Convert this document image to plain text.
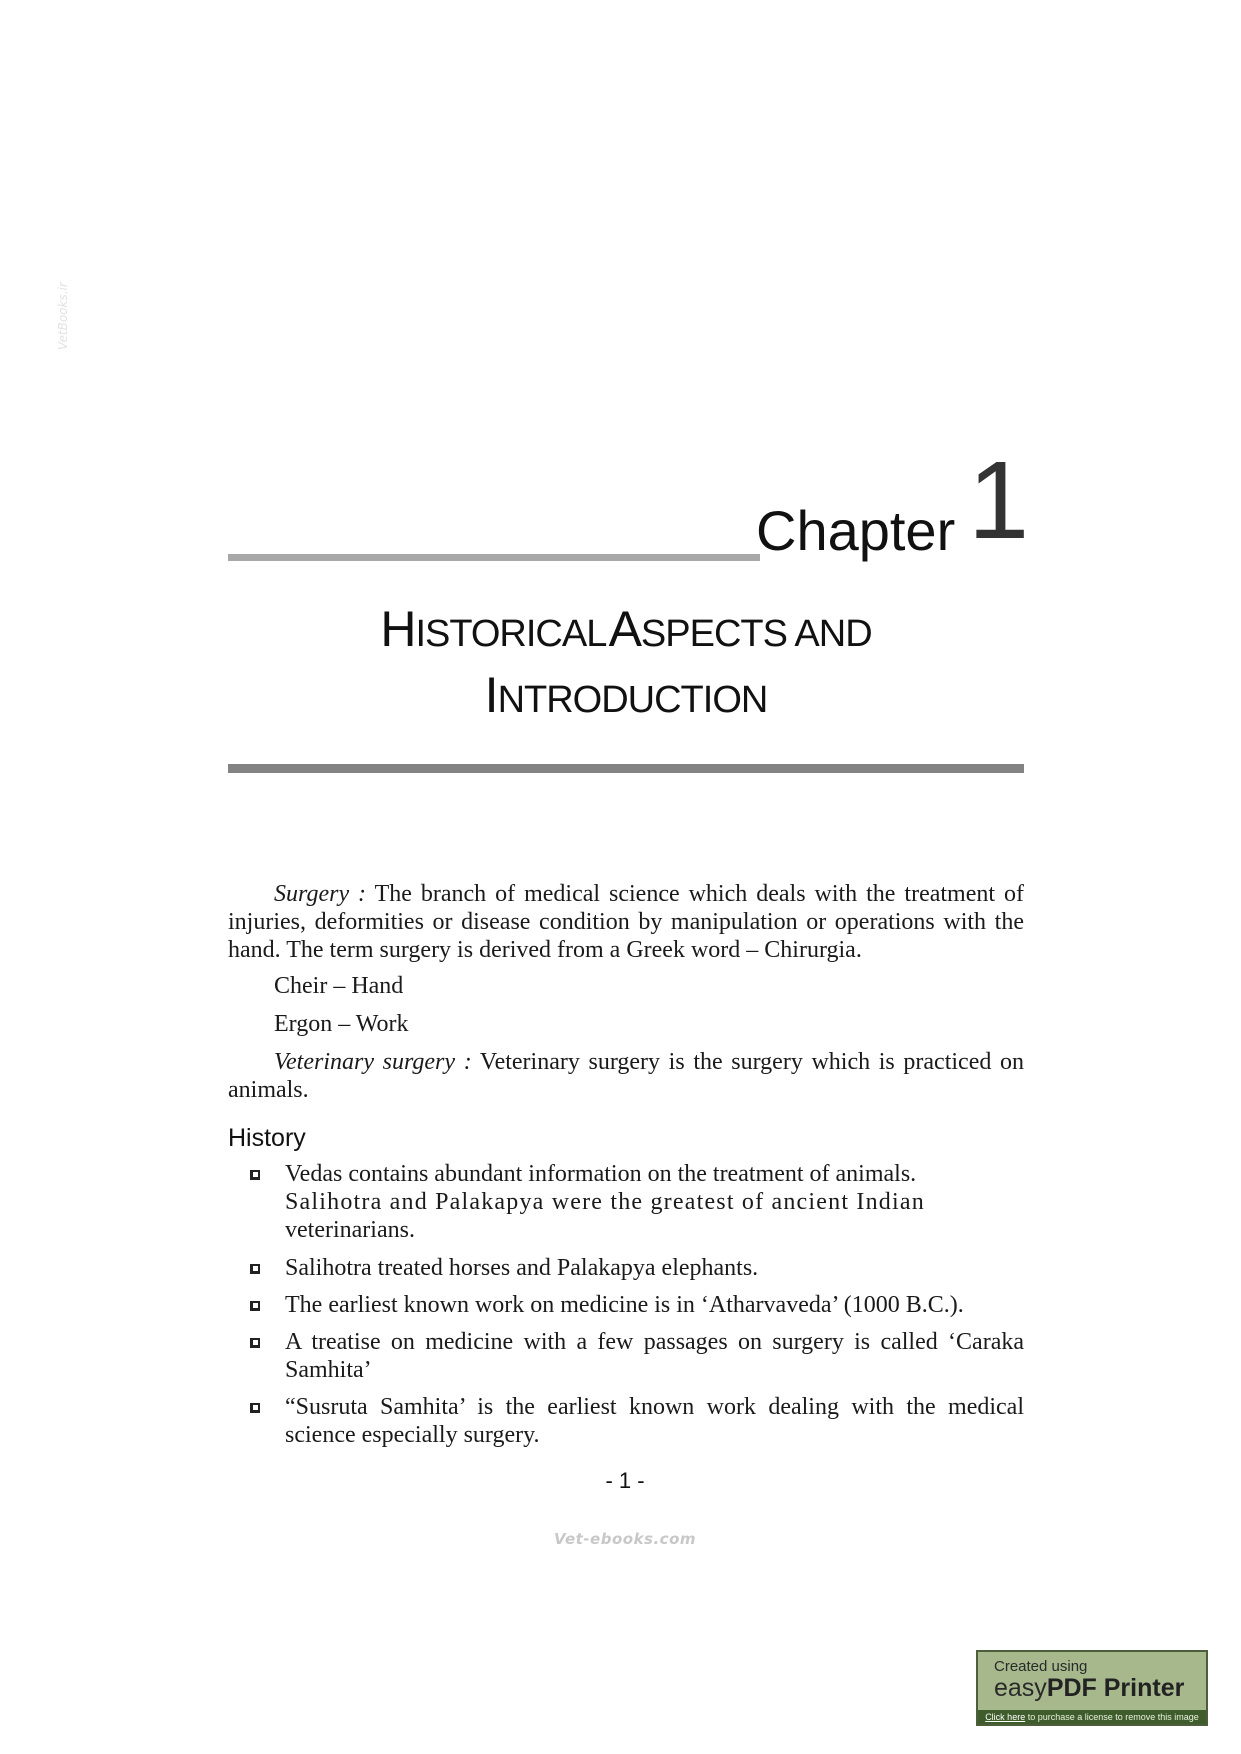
VetBooks.ir
Chapter 1
HISTORICAL ASPECTS AND
INTRODUCTION

Surgery : The branch of medical science which deals with the treatment of injuries, deformities or disease condition by manipulation or operations with the hand. The term surgery is derived from a Greek word – Chirurgia.

Cheir – Hand
Ergon – Work

Veterinary surgery : Veterinary surgery is the surgery which is practiced on animals.

History
Vedas contains abundant information on the treatment of animals.
Salihotra and Palakapya were the greatest of ancient Indian
veterinarians.
Salihotra treated horses and Palakapya elephants.
The earliest known work on medicine is in ‘Atharvaveda’ (1000 B.C.).
A treatise on medicine with a few passages on surgery is called ‘Caraka Samhita’
“Susruta Samhita’ is the earliest known work dealing with the medical science especially surgery.
- 1 -
Vet-ebooks.com
Created using
easyPDF Printer
Click here to purchase a license to remove this image
